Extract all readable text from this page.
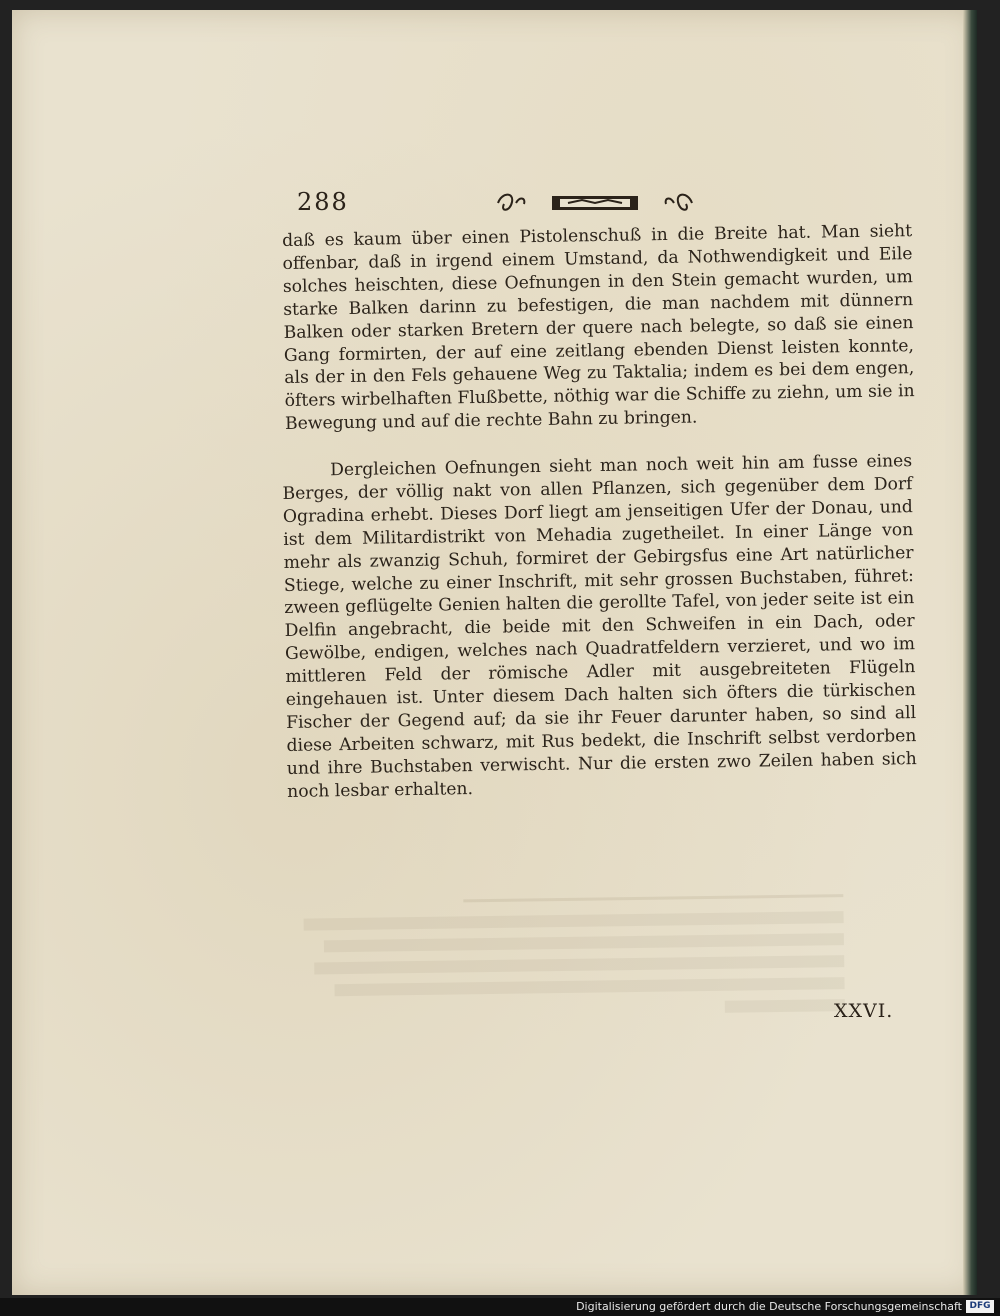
288

daß es kaum über einen Pistolenschuß in die Breite hat. Man sieht offenbar, daß in irgend einem Umstand, da Nothwendigkeit und Eile solches heischten, diese Oefnungen in den Stein gemacht wurden, um starke Balken darinn zu befestigen, die man nachdem mit dünnern Balken oder starken Bretern der quere nach belegte, so daß sie einen Gang formirten, der auf eine zeitlang ebenden Dienst leisten konnte, als der in den Fels gehauene Weg zu Taktalia; indem es bei dem engen, öfters wirbelhaften Flußbette, nöthig war die Schiffe zu ziehn, um sie in Bewegung und auf die rechte Bahn zu bringen.

Dergleichen Oefnungen sieht man noch weit hin am fusse eines Berges, der völlig nakt von allen Pflanzen, sich gegenüber dem Dorf Ogradina erhebt. Dieses Dorf liegt am jenseitigen Ufer der Donau, und ist dem Militardistrikt von Mehadia zugetheilet. In einer Länge von mehr als zwanzig Schuh, formiret der Gebirgsfus eine Art natürlicher Stiege, welche zu einer Inschrift, mit sehr grossen Buchstaben, führet: zween geflügelte Genien halten die gerollte Tafel, von jeder seite ist ein Delfin angebracht, die beide mit den Schweifen in ein Dach, oder Gewölbe, endigen, welches nach Quadratfeldern verzieret, und wo im mittleren Feld der römische Adler mit ausgebreiteten Flügeln eingehauen ist. Unter diesem Dach halten sich öfters die türkischen Fischer der Gegend auf; da sie ihr Feuer darunter haben, so sind all diese Arbeiten schwarz, mit Rus bedekt, die Inschrift selbst verdorben und ihre Buchstaben verwischt. Nur die ersten zwo Zeilen haben sich noch lesbar erhalten.

XXVI.
Digitalisierung gefördert durch die Deutsche Forschungsgemeinschaft DFG
